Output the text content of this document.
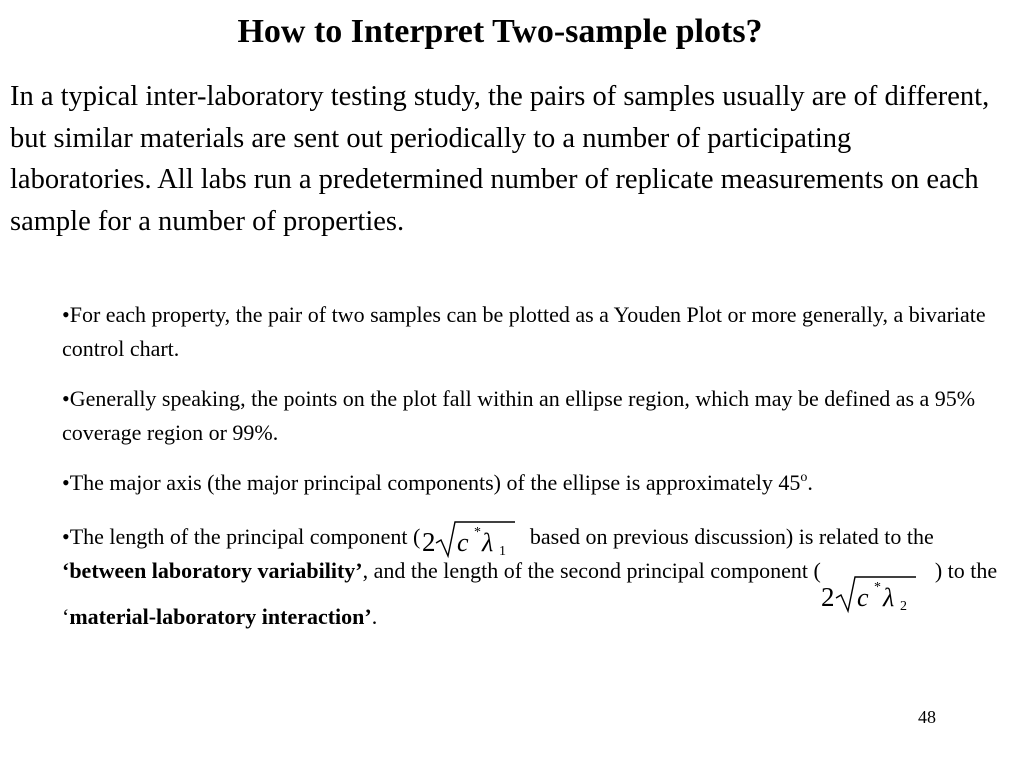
How to Interpret Two-sample plots?
In a typical inter-laboratory testing study, the pairs of samples usually are of different, but similar materials are sent out periodically to a number of participating laboratories. All labs run a predetermined number of replicate measurements on each sample for a number of properties.
•For each property, the pair of two samples can be plotted as a Youden Plot or more generally, a bivariate control chart.
•Generally speaking, the points on the plot fall within an ellipse region, which may be defined as a 95% coverage region or 99%.
•The major axis (the major principal components) of the ellipse is approximately 45$^o$.
•The length of the principal component ( 2 c * λ 1
based on previous discussion) is related to the ‘between laboratory variability’, and the length of the second principal component (
2 c * λ 2
) to the ‘material-laboratory interaction’.
48
